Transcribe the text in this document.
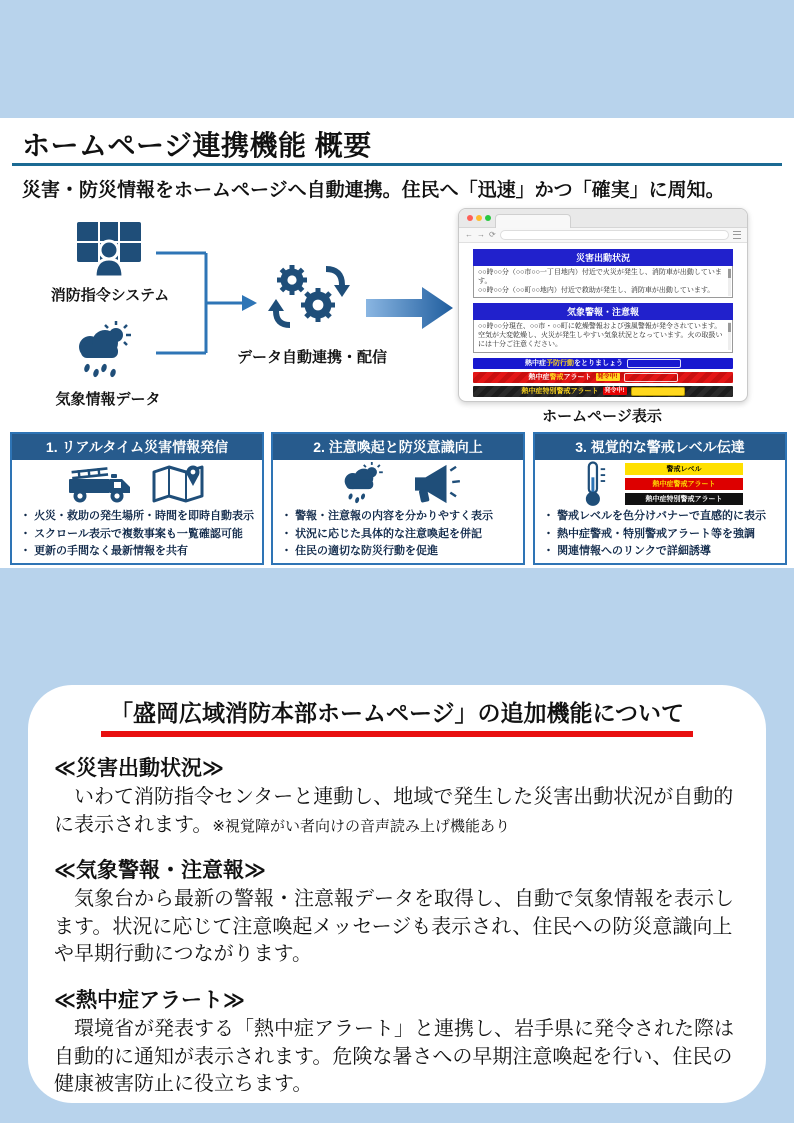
ホームページ連携機能 概要
災害・防災情報をホームページへ自動連携。住民へ「迅速」かつ「確実」に周知。
消防指令システム
気象情報データ
データ自動連携・配信
← → ⟳
災害出動状況
○○時○○分（○○市○○一丁目地内）付近で火災が発生し、消防車が出動しています。
○○時○○分（○○町○○地内）付近で救助が発生し、消防車が出動しています。
気象警報・注意報
○○時○○分現在、○○市・○○町に乾燥警報および強風警報が発令されています。空気が大変乾燥し、火災が発生しやすい気象状況となっています。火の取扱いには十分ご注意ください。
熱中症予防行動をとりましょう
熱中症警戒アラート	発令中!
熱中症特別警戒アラート	発令中!
ホームページ表示
1. リアルタイム災害情報発信
・ 火災・救助の発生場所・時間を即時自動表示
・ スクロール表示で複数事案も一覧確認可能
・ 更新の手間なく最新情報を共有
2. 注意喚起と防災意識向上
・ 警報・注意報の内容を分かりやすく表示
・ 状況に応じた具体的な注意喚起を併記
・ 住民の適切な防災行動を促進
3. 視覚的な警戒レベル伝達
警戒レベル
熱中症警戒アラート
熱中症特別警戒アラート
・ 警戒レベルを色分けバナーで直感的に表示
・ 熱中症警戒・特別警戒アラート等を強調
・ 関連情報へのリンクで詳細誘導
「盛岡広域消防本部ホームページ」の追加機能について
≪災害出動状況≫

いわて消防指令センターと連動し、地域で発生した災害出動状況が自動的に表示されます。※視覚障がい者向けの音声読み上げ機能あり

≪気象警報・注意報≫

気象台から最新の警報・注意報データを取得し、自動で気象情報を表示します。状況に応じて注意喚起メッセージも表示され、住民への防災意識向上や早期行動につながります。

≪熱中症アラート≫

環境省が発表する「熱中症アラート」と連携し、岩手県に発令された際は自動的に通知が表示されます。危険な暑さへの早期注意喚起を行い、住民の健康被害防止に役立ちます。
